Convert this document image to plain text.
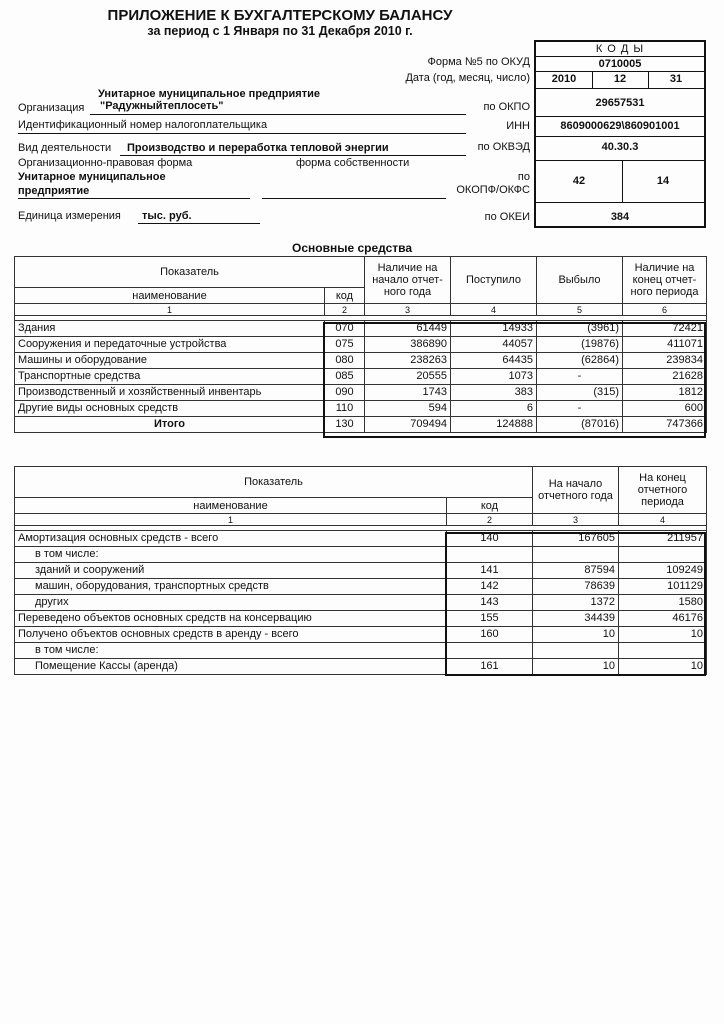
ПРИЛОЖЕНИЕ К БУХГАЛТЕРСКОМУ БАЛАНСУ
за период с 1 Января по 31 Декабря 2010 г.
К О Д Ы
0710005
2010	12	31
29657531
8609000629\860901001
40.30.3
42	14
384
Форма №5 по ОКУД
Дата (год, месяц, число)
по ОКПО
ИНН
по ОКВЭД
по
ОКОПФ/ОКФС
по ОКЕИ
Унитарное муниципальное предприятие
Организация "Радужныйтеплосеть"
Идентификационный номер налогоплательщика
Вид деятельности Производство и переработка тепловой энергии
Организационно-правовая форма	форма собственности
Унитарное муниципальное
предприятие
Единица измерения тыс. руб.
Основные средства
Показатель		Наличие на начало отчет-ного года	Поступило	Выбыло	Наличие на конец отчет-ного периода
наименование	код				
1	2	3	4	5	6

Здания	070	61449	14933	(3961)	72421
Сооружения и передаточные устройства	075	386890	44057	(19876)	411071
Машины и оборудование	080	238263	64435	(62864)	239834
Транспортные средства	085	20555	1073	-	21628
Производственный и хозяйственный инвентарь	090	1743	383	(315)	1812
Другие виды основных средств	110	594	6	-	600
Итого	130	709494	124888	(87016)	747366
Показатель		На начало отчетного года	На конец отчетного периода
наименование	код		
1	2	3	4

Амортизация основных средств - всего	140	167605	211957
в том числе:			
зданий и сооружений	141	87594	109249
машин, оборудования, транспортных средств	142	78639	101129
других	143	1372	1580
Переведено объектов основных средств на консервацию	155	34439	46176
Получено объектов основных средств в аренду - всего	160	10	10
в том числе:			
Помещение Кассы (аренда)	161	10	10
